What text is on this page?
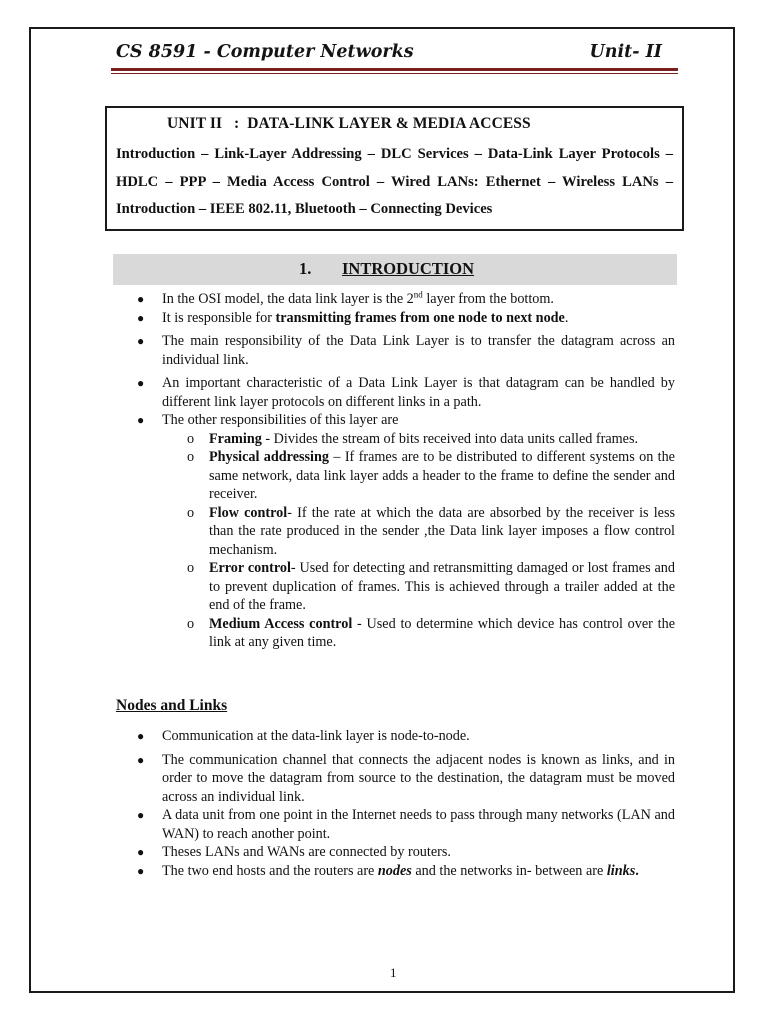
CS 8591 - Computer Networks	Unit- II
UNIT II   :  DATA-LINK LAYER & MEDIA ACCESS
Introduction – Link-Layer Addressing – DLC Services – Data-Link Layer Protocols – HDLC – PPP – Media Access Control – Wired LANs: Ethernet – Wireless LANs – Introduction – IEEE 802.11, Bluetooth – Connecting Devices
1. INTRODUCTION
●	In the OSI model, the data link layer is the 2nd layer from the bottom.
●	It is responsible for transmitting frames from one node to next node.
●	The main responsibility of the Data Link Layer is to transfer the datagram across an individual link.
●	An important characteristic of a Data Link Layer is that datagram can be handled by different link layer protocols on different links in a path.
●	The other responsibilities of this layer are
o Framing - Divides the stream of bits received into data units called frames.
o Physical addressing – If frames are to be distributed to different systems on the same network, data link layer adds a header to the frame to define the sender and receiver.
o Flow control- If the rate at which the data are absorbed by the receiver is less than the rate produced in the sender ,the Data link layer imposes a flow control mechanism.
o Error control- Used for detecting and retransmitting damaged or lost frames and to prevent duplication of frames. This is achieved through a trailer added at the end of the frame.
o Medium Access control - Used to determine which device has control over the link at any given time.
Nodes and Links
●	Communication at the data-link layer is node-to-node.
●	The communication channel that connects the adjacent nodes is known as links, and in order to move the datagram from source to the destination, the datagram must be moved across an individual link.
●	A data unit from one point in the Internet needs to pass through many networks (LAN and WAN) to reach another point.
●	Theses LANs and WANs are connected by routers.
●	The two end hosts and the routers are nodes and the networks in- between are links.
1
